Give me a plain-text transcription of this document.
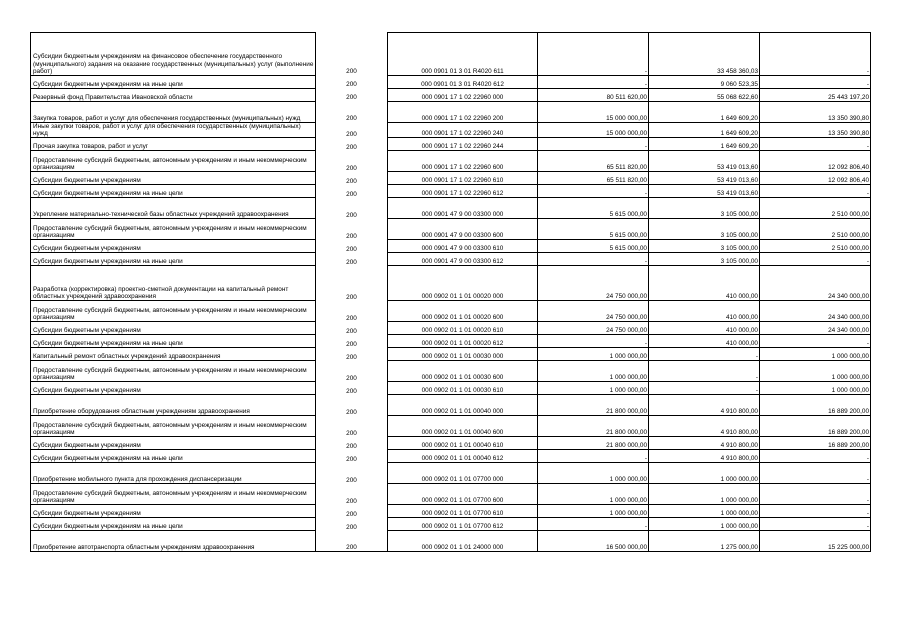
Субсидии бюджетным учреждениям на финансовое обеспечение государственного (муниципального) задания на оказание государственных (муниципальных) услуг (выполнение работ)	200	000 0901 01 3 01 R4020 611	-	33 458 360,03	-
Субсидии бюджетным учреждениям на иные цели	200	000 0901 01 3 01 R4020 612	-	9 060 523,35	-
Резервный фонд Правительства Ивановской области	200	000 0901 17 1 02 22960 000	80 511 620,00	55 068 622,60	25 443 197,20
Закупка товаров, работ и услуг для обеспечения государственных (муниципальных) нужд	200	000 0901 17 1 02 22960 200	15 000 000,00	1 649 609,20	13 350 390,80
Иные закупки товаров, работ и услуг для обеспечения государственных (муниципальных) нужд	200	000 0901 17 1 02 22960 240	15 000 000,00	1 649 609,20	13 350 390,80
Прочая закупка товаров, работ и услуг	200	000 0901 17 1 02 22960 244	-	1 649 609,20	-
Предоставление субсидий бюджетным, автономным учреждениям и иным некоммерческим организациям	200	000 0901 17 1 02 22960 600	65 511 820,00	53 419 013,60	12 092 806,40
Субсидии бюджетным учреждениям	200	000 0901 17 1 02 22960 610	65 511 820,00	53 419 013,60	12 092 806,40
Субсидии бюджетным учреждениям на иные цели	200	000 0901 17 1 02 22960 612	-	53 419 013,60	-
Укрепление материально-технической базы областных учреждений здравоохранения	200	000 0901 47 9 00 03300 000	5 615 000,00	3 105 000,00	2 510 000,00
Предоставление субсидий бюджетным, автономным учреждениям и иным некоммерческим организациям	200	000 0901 47 9 00 03300 600	5 615 000,00	3 105 000,00	2 510 000,00
Субсидии бюджетным учреждениям	200	000 0901 47 9 00 03300 610	5 615 000,00	3 105 000,00	2 510 000,00
Субсидии бюджетным учреждениям на иные цели	200	000 0901 47 9 00 03300 612	-	3 105 000,00	-
Разработка (корректировка) проектно-сметной документации на капитальный ремонт областных учреждений здравоохранения	200	000 0902 01 1 01 00020 000	24 750 000,00	410 000,00	24 340 000,00
Предоставление субсидий бюджетным, автономным учреждениям и иным некоммерческим организациям	200	000 0902 01 1 01 00020 600	24 750 000,00	410 000,00	24 340 000,00
Субсидии бюджетным учреждениям	200	000 0902 01 1 01 00020 610	24 750 000,00	410 000,00	24 340 000,00
Субсидии бюджетным учреждениям на иные цели	200	000 0902 01 1 01 00020 612	-	410 000,00	-
Капитальный ремонт областных учреждений здравоохранения	200	000 0902 01 1 01 00030 000	1 000 000,00	-	1 000 000,00
Предоставление субсидий бюджетным, автономным учреждениям и иным некоммерческим организациям	200	000 0902 01 1 01 00030 600	1 000 000,00	-	1 000 000,00
Субсидии бюджетным учреждениям	200	000 0902 01 1 01 00030 610	1 000 000,00	-	1 000 000,00
Приобретение оборудования областным учреждениям здравоохранения	200	000 0902 01 1 01 00040 000	21 800 000,00	4 910 800,00	16 889 200,00
Предоставление субсидий бюджетным, автономным учреждениям и иным некоммерческим организациям	200	000 0902 01 1 01 00040 600	21 800 000,00	4 910 800,00	16 889 200,00
Субсидии бюджетным учреждениям	200	000 0902 01 1 01 00040 610	21 800 000,00	4 910 800,00	16 889 200,00
Субсидии бюджетным учреждениям на иные цели	200	000 0902 01 1 01 00040 612	-	4 910 800,00	-
Приобретение мобильного пункта для прохождения диспансеризации	200	000 0902 01 1 01 07700 000	1 000 000,00	1 000 000,00	-
Предоставление субсидий бюджетным, автономным учреждениям и иным некоммерческим организациям	200	000 0902 01 1 01 07700 600	1 000 000,00	1 000 000,00	-
Субсидии бюджетным учреждениям	200	000 0902 01 1 01 07700 610	1 000 000,00	1 000 000,00	-
Субсидии бюджетным учреждениям на иные цели	200	000 0902 01 1 01 07700 612	-	1 000 000,00	-
Приобретение автотранспорта областным учреждениям здравоохранения	200	000 0902 01 1 01 24000 000	16 500 000,00	1 275 000,00	15 225 000,00
